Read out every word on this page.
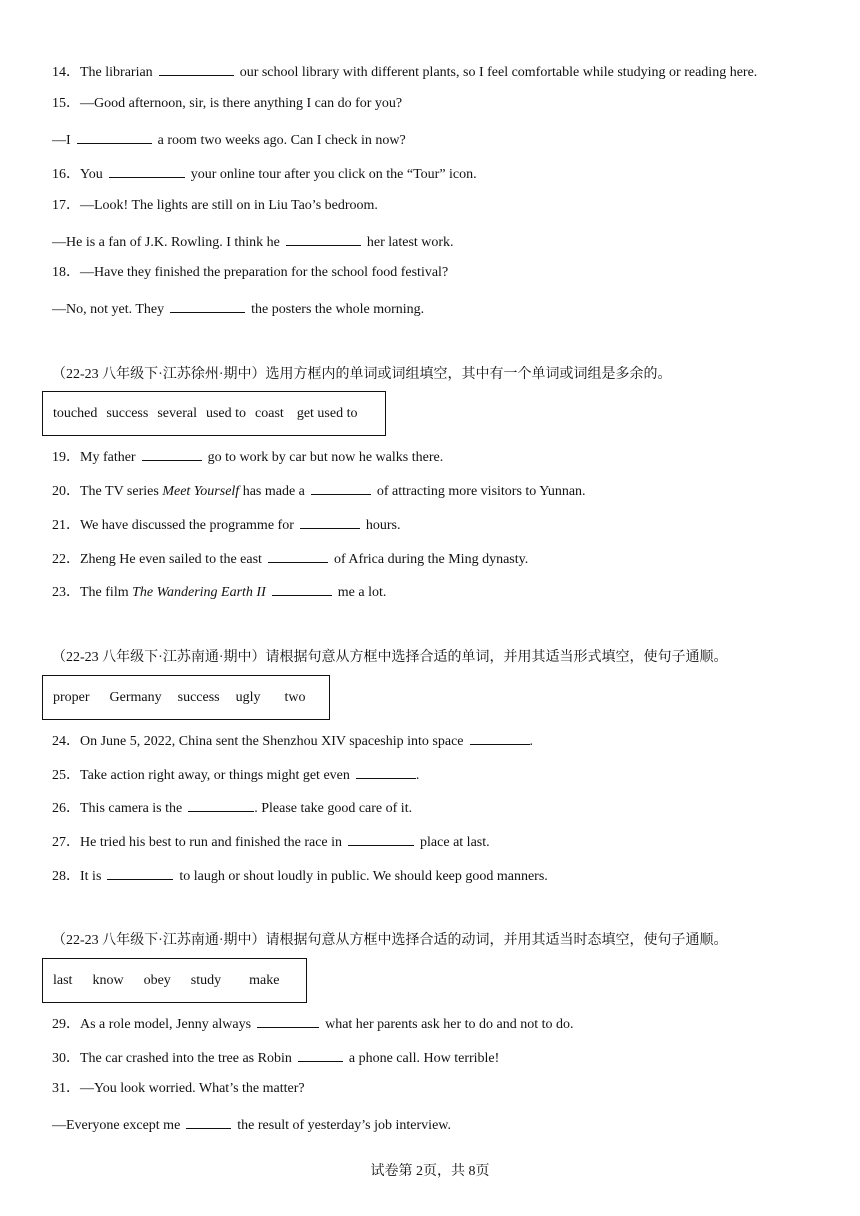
14．The librarian	our school library with different plants, so I feel comfortable while studying or reading here.
15．—Good afternoon, sir, is there anything I can do for you?
—I	a room two weeks ago. Can I check in now?
16．You	your online tour after you click on the “Tour” icon.
17．—Look! The lights are still on in Liu Tao’s bedroom.
—He is a fan of J.K. Rowling. I think he	her latest work.
18．—Have they finished the preparation for the school food festival?
—No, not yet. They	the posters the whole morning.
（22-23 八年级下·江苏徐州·期中）选用方框内的单词或词组填空，其中有一个单词或词组是多余的。
touched success several used to coast get used to
19．My father	go to work by car but now he walks there.
20．The TV series Meet Yourself has made a	of attracting more visitors to Yunnan.
21．We have discussed the programme for	hours.
22．Zheng He even sailed to the east	of Africa during the Ming dynasty.
23．The film The Wandering Earth II	me a lot.
（22-23 八年级下·江苏南通·期中）请根据句意从方框中选择合适的单词，并用其适当形式填空，使句子通顺。
proper Germany success ugly two
24．On June 5, 2022, China sent the Shenzhou XIV spaceship into space	.
25．Take action right away, or things might get even	.
26．This camera is the	. Please take good care of it.
27．He tried his best to run and finished the race in	place at last.
28．It is	to laugh or shout loudly in public. We should keep good manners.
（22-23 八年级下·江苏南通·期中）请根据句意从方框中选择合适的动词，并用其适当时态填空，使句子通顺。
last know obey study make
29．As a role model, Jenny always	what her parents ask her to do and not to do.
30．The car crashed into the tree as Robin	a phone call. How terrible!
31．—You look worried. What’s the matter?
—Everyone except me	the result of yesterday’s job interview.
试卷第 2页，共 8页
